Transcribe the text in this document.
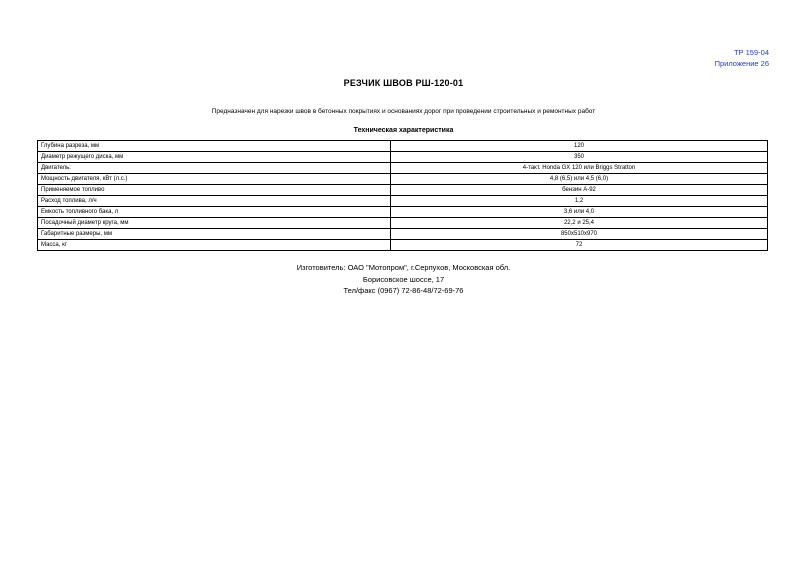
ТР 159-04
Приложение 26
РЕЗЧИК ШВОВ РШ-120-01
Предназначен для нарезки швов в бетонных покрытиях и основаниях дорог при проведении строительных и ремонтных работ
Техническая характеристика
Глубина разреза, мм	120
Диаметр режущего диска, мм	350
Двигатель:	4-такт. Honda GX 120 или Briggs Stratton
Мощность двигателя, кВт (л.с.)	4,8 (6,5) или 4,5 (6,0)
Применяемое топливо	бензин А-92
Расход топлива, л/ч	1,2
Емкость топливного бака, л	3,6 или 4,0
Посадочный диаметр круга, мм	22,2 и 25,4
Габаритные размеры, мм	850x510x970
Масса, кг	72
Изготовитель: ОАО "Мотопром", г.Серпухов, Московская обл.
Борисовское шоссе, 17
Тел/факс (0967) 72-86-48/72-69-76
